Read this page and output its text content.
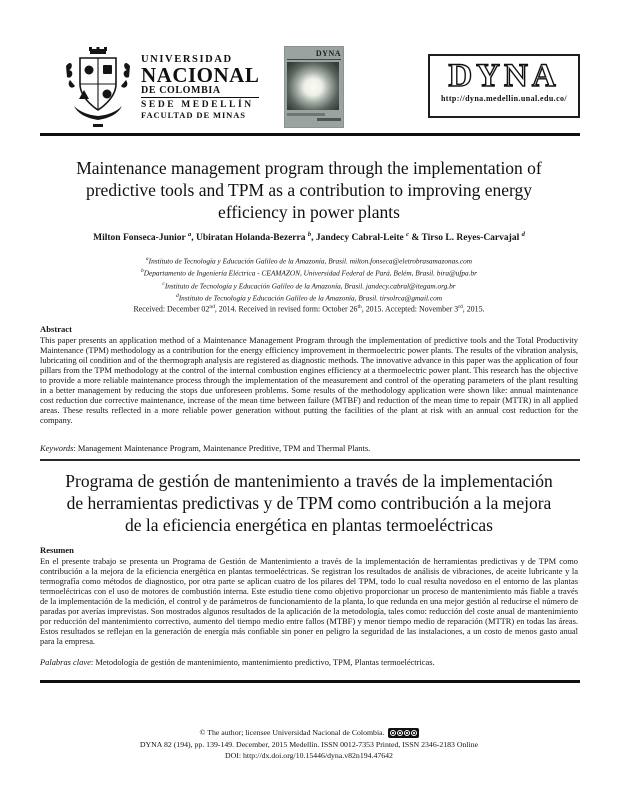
UNIVERSIDAD
NACIONAL
DE COLOMBIA
SEDE MEDELLÍN
FACULTAD DE MINAS
DYNA
DYNA
http://dyna.medellin.unal.edu.co/
Maintenance management program through the implementation of
predictive tools and TPM as a contribution to improving energy
efficiency in power plants
Milton Fonseca-Junior $^a$, Ubiratan Holanda-Bezerra $^b$, Jandecy Cabral-Leite $^c$ & Tirso L. Reyes-Carvajal $^d$
$^a$Instituto de Tecnología y Educación Galileo de la Amazonía, Brasil. milton.fonseca@eletrobrasamazonas.com
$^b$Departamento de Ingeniería Eléctrica - CEAMAZON, Universidad Federal de Pará, Belém, Brasil. bira@ufpa.br
$^c$Instituto de Tecnología y Educación Galileo de la Amazonía, Brasil. jandecy.cabral@itegam.org.br
$^d$Instituto de Tecnología y Educación Galileo de la Amazonía, Brasil. tirsolrca@gmail.com
Received: December 02nd, 2014. Received in revised form: October 26th, 2015. Accepted: November 3rd, 2015.
Abstract
This paper presents an application method of a Maintenance Management Program through the implementation of predictive tools and the Total Productivity Maintenance (TPM) methodology as a contribution for the energy efficiency improvement in thermoelectric power plants. The results of the vibration analysis, lubricating oil condition and of the thermograph analysis are registered as diagnostic methods. The innovative advance in this paper was the application of four pillars from the TPM methodology at the control of the internal combustion engines efficiency at a thermoelectric power plant. This research has the objective to provide a more reliable maintenance process through the implementation of the measurement and control of the operating parameters of the plant resulting in a better management by reducing the stops due unforeseen problems. Some results of the methodology application were shown like: annual maintenance cost reduction due corrective maintenance, increase of the mean time between failure (MTBF) and reduction of the mean time to repair (MTTR) in all applied areas. These results reflected in a more reliable power generation without putting the facilities of the plant at risk with an annual cost reduction for the company.
Keywords: Management Maintenance Program, Maintenance Preditive, TPM and Thermal Plants.
Programa de gestión de mantenimiento a través de la implementación
de herramientas predictivas y de TPM como contribución a la mejora
de la eficiencia energética en plantas termoeléctricas
Resumen
En el presente trabajo se presenta un Programa de Gestión de Mantenimiento a través de la implementación de herramientas predictivas y de TPM como contribución a la mejora de la eficiencia energética en plantas termoeléctricas. Se registran los resultados de análisis de vibraciones, de aceite lubricante y la termografía como métodos de diagnostico, por otra parte se aplican cuatro de los pilares del TPM, todo lo cual resulta novedoso en el entorno de las plantas termoeléctricas con el uso de motores de combustión interna. Este estudio tiene como objetivo proporcionar un proceso de mantenimiento más fiable a través de la implementación de la medición, el control y de parámetros de funcionamiento de la planta, lo que redunda en una mejor gestión al reducirse el número de paradas por averías imprevistas. Son mostrados algunos resultados de la aplicación de la metodología, tales como: reducción del coste anual de mantenimiento por reducción del mantenimiento correctivo, aumento del tiempo medio entre fallos (MTBF) y menor tiempo medio de reparación (MTTR) en todas las áreas. Estos resultados se reflejan en la generación de energía más confiable sin poner en peligro la seguridad de las instalaciones, a un costo de menos gasto anual para la empresa.
Palabras clave: Metodología de gestión de mantenimiento, mantenimiento predictivo, TPM, Plantas termoeléctricas.
© The author; licensee Universidad Nacional de Colombia.
DYNA 82 (194), pp. 139-149. December, 2015 Medellín. ISSN 0012-7353 Printed, ISSN 2346-2183 Online
DOI: http://dx.doi.org/10.15446/dyna.v82n194.47642
